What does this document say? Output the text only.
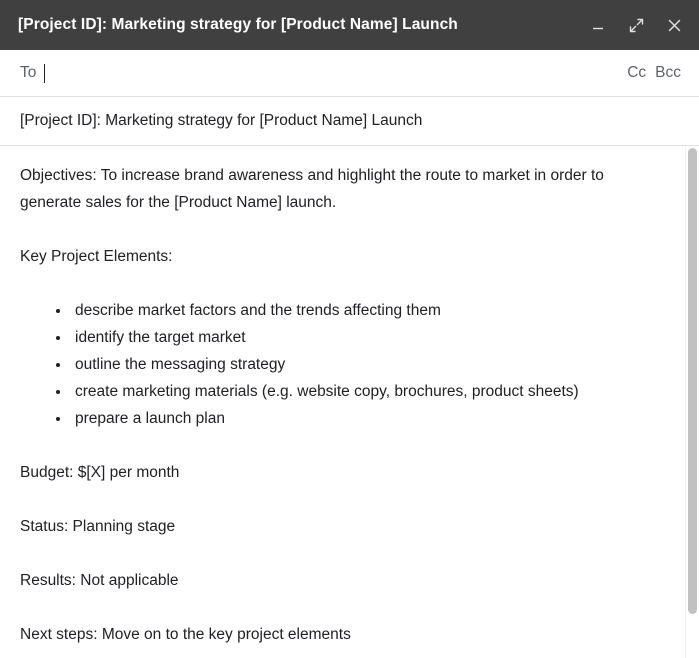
[Project ID]: Marketing strategy for [Product Name] Launch
To	Cc Bcc
[Project ID]: Marketing strategy for [Product Name] Launch

Objectives: To increase brand awareness and highlight the route to market in order to generate sales for the [Product Name] launch.

Key Project Elements:

• describe market factors and the trends affecting them
• identify the target market
• outline the messaging strategy
• create marketing materials (e.g. website copy, brochures, product sheets)
• prepare a launch plan

Budget: $[X] per month

Status: Planning stage

Results: Not applicable

Next steps: Move on to the key project elements
